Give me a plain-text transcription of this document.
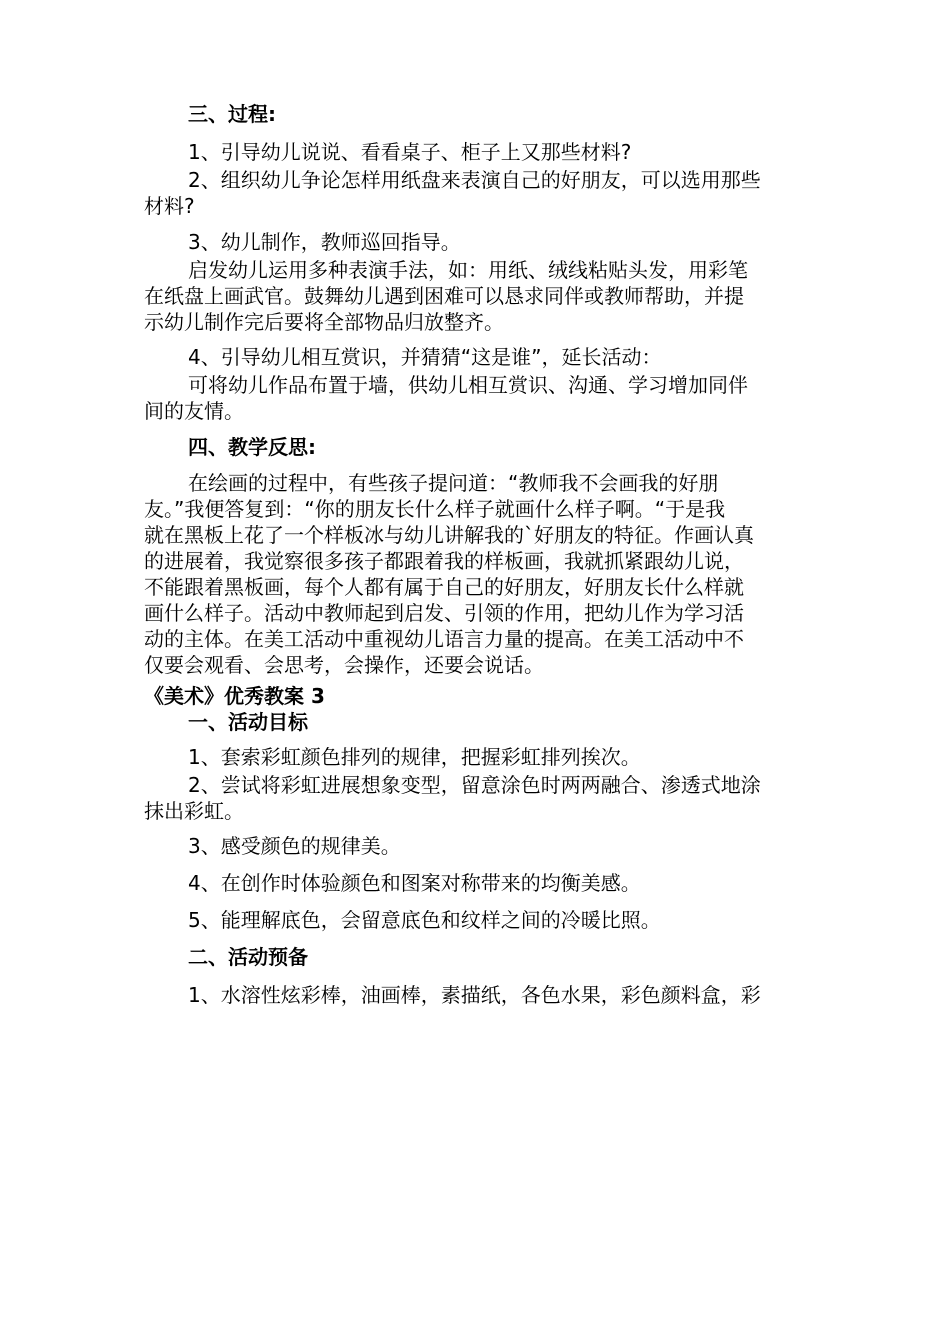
三、过程:

1、引导幼儿说说、看看桌子、柜子上又那些材料?

2、组织幼儿争论怎样用纸盘来表演自己的好朋友，可以选用那些

材料?

3、幼儿制作，教师巡回指导。

启发幼儿运用多种表演手法，如：用纸、绒线粘贴头发，用彩笔

在纸盘上画武官。鼓舞幼儿遇到困难可以恳求同伴或教师帮助，并提

示幼儿制作完后要将全部物品归放整齐。

4、引导幼儿相互赏识，并猜猜“这是谁”，延长活动：

可将幼儿作品布置于墙，供幼儿相互赏识、沟通、学习增加同伴

间的友情。

四、教学反思:

在绘画的过程中，有些孩子提问道：“教师我不会画我的好朋

友。”我便答复到：“你的朋友长什么样子就画什么样子啊。“于是我

就在黑板上花了一个样板冰与幼儿讲解我的`好朋友的特征。作画认真

的进展着，我觉察很多孩子都跟着我的样板画，我就抓紧跟幼儿说，

不能跟着黑板画，每个人都有属于自己的好朋友，好朋友长什么样就

画什么样子。活动中教师起到启发、引领的作用，把幼儿作为学习活

动的主体。在美工活动中重视幼儿语言力量的提高。在美工活动中不

仅要会观看、会思考，会操作，还要会说话。

《美术》优秀教案 3

一、活动目标

1、套索彩虹颜色排列的规律，把握彩虹排列挨次。

2、尝试将彩虹进展想象变型，留意涂色时两两融合、渗透式地涂

抹出彩虹。

3、感受颜色的规律美。

4、在创作时体验颜色和图案对称带来的均衡美感。

5、能理解底色，会留意底色和纹样之间的冷暖比照。

二、活动预备

1、水溶性炫彩棒，油画棒，素描纸，各色水果，彩色颜料盒，彩
